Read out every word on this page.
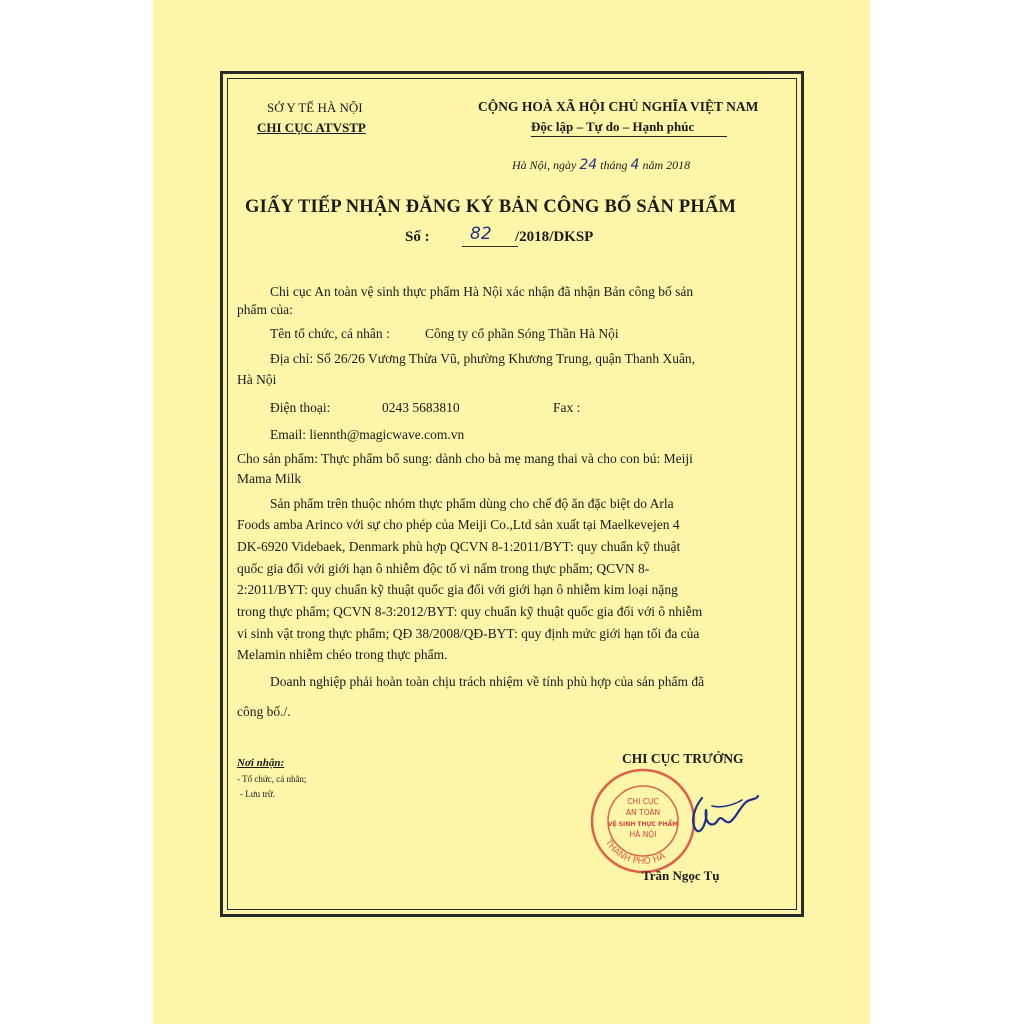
SỞ Y TẾ HÀ NỘI
CHI CỤC ATVSTP
CỘNG HOÀ XÃ HỘI CHỦ NGHĨA VIỆT NAM
Độc lập – Tự do – Hạnh phúc
Hà Nội, ngày 24 tháng 4 năm 2018
GIẤY TIẾP NHẬN ĐĂNG KÝ BẢN CÔNG BỐ SẢN PHẨM
Số : 82 /2018/DKSP
Chi cục An toàn vệ sinh thực phẩm Hà Nội xác nhận đã nhận Bản công bố sản
phẩm của:
Tên tổ chức, cá nhân :	Công ty cổ phần Sóng Thần Hà Nội
Địa chỉ: Số 26/26 Vương Thừa Vũ, phường Khương Trung, quận Thanh Xuân,
Hà Nội
Điện thoại:	0243 5683810	Fax :
Email: liennth@magicwave.com.vn
Cho sản phẩm: Thực phẩm bổ sung: dành cho bà mẹ mang thai và cho con bú: Meiji
Mama Milk
Sản phẩm trên thuộc nhóm thực phẩm dùng cho chế độ ăn đặc biệt do Arla
Foods amba Arinco với sự cho phép của Meiji Co.,Ltd sản xuất tại Maelkevejen 4
DK-6920 Videbaek, Denmark phù hợp QCVN 8-1:2011/BYT: quy chuẩn kỹ thuật
quốc gia đối với giới hạn ô nhiễm độc tố vi nấm trong thực phẩm; QCVN 8-
2:2011/BYT: quy chuẩn kỹ thuật quốc gia đối với giới hạn ô nhiễm kim loại nặng
trong thực phẩm; QCVN 8-3:2012/BYT: quy chuẩn kỹ thuật quốc gia đối với ô nhiễm
vi sinh vật trong thực phẩm; QĐ 38/2008/QĐ-BYT: quy định mức giới hạn tối đa của
Melamin nhiễm chéo trong thực phẩm.
Doanh nghiệp phải hoàn toàn chịu trách nhiệm về tính phù hợp của sản phẩm đã
công bố./.
Nơi nhận:
- Tổ chức, cá nhân;
- Lưu trữ.
CHI CỤC TRƯỞNG
THÀNH PHỐ HÀ
CHI CỤC
AN TOÀN
VỆ SINH THỰC PHẨM
HÀ NỘI
Trần Ngọc Tụ
